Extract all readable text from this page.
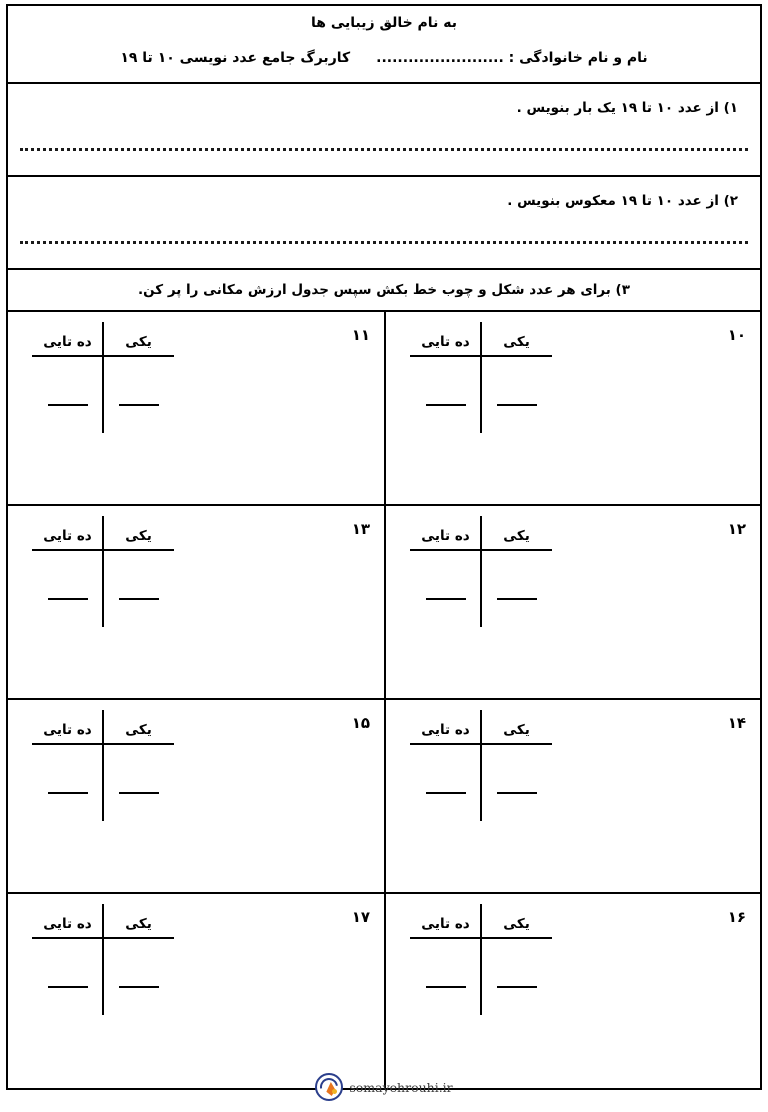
به نام خالق زیبایی ها
نام و نام خانوادگی : ........................
کاربرگ جامع عدد نویسی ۱۰ تا ۱۹
۱) از عدد ۱۰ تا ۱۹ یک بار بنویس .
۲) از عدد ۱۰ تا ۱۹ معکوس بنویس .
۳) برای هر عدد شکل و چوب خط بکش سپس جدول ارزش مکانی را پر کن.
۱۰
یکی
ده تایی
۱۱
یکی
ده تایی
۱۲
یکی
ده تایی
۱۳
یکی
ده تایی
۱۴
یکی
ده تایی
۱۵
یکی
ده تایی
۱۶
یکی
ده تایی
۱۷
یکی
ده تایی
somayehrouhi.ir
